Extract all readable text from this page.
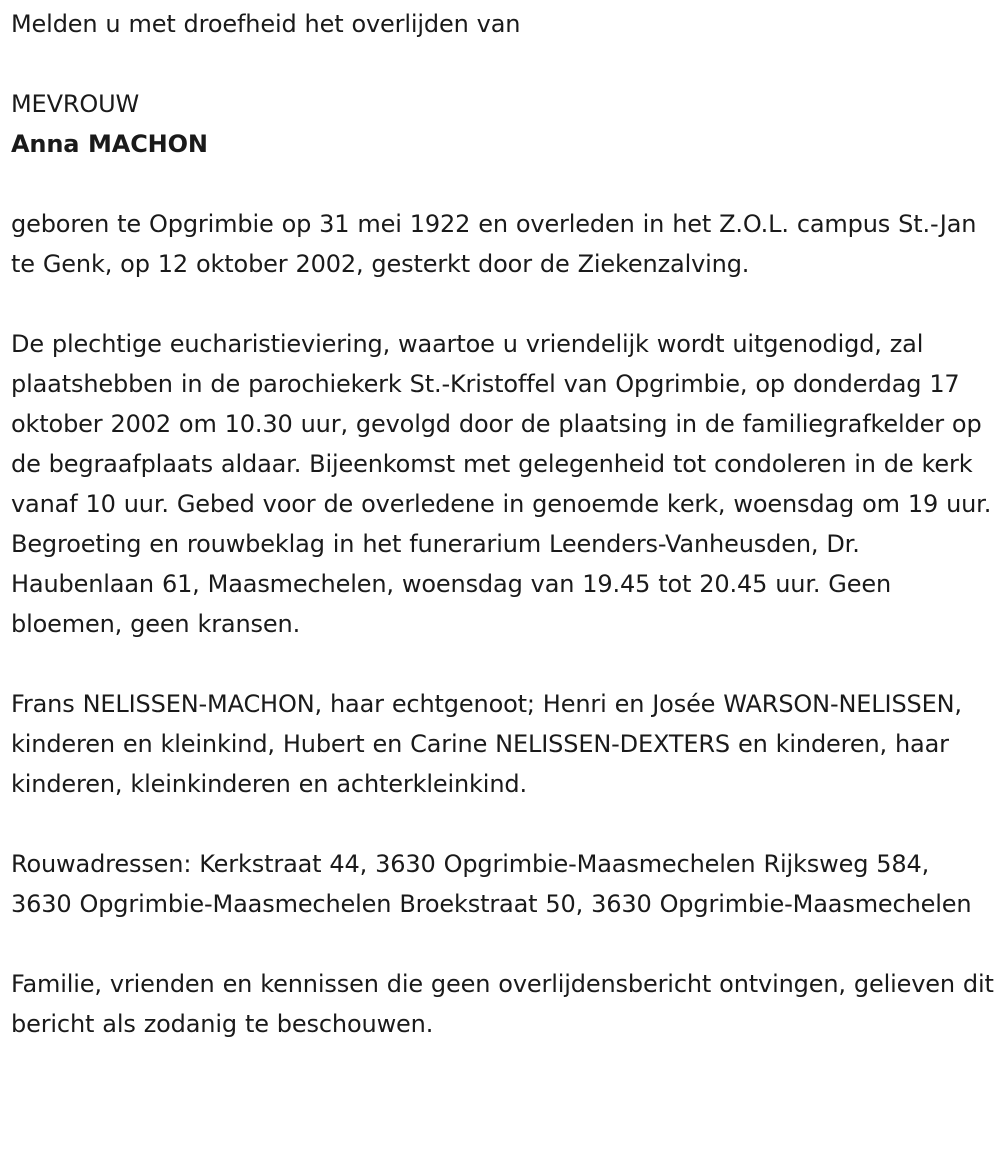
Melden u met droefheid het overlijden van

MEVROUW

Anna MACHON

geboren te Opgrimbie op 31 mei 1922 en overleden in het Z.O.L. campus St.-Jan te Genk, op 12 oktober 2002, gesterkt door de Ziekenzalving.

De plechtige eucharistieviering, waartoe u vriendelijk wordt uitgenodigd, zal plaatshebben in de parochiekerk St.-Kristoffel van Opgrimbie, op donderdag 17 oktober 2002 om 10.30 uur, gevolgd door de plaatsing in de familiegrafkelder op de begraafplaats aldaar. Bijeenkomst met gelegenheid tot condoleren in de kerk vanaf 10 uur. Gebed voor de overledene in genoemde kerk, woensdag om 19 uur. Begroeting en rouwbeklag in het funerarium Leenders-Vanheusden, Dr. Haubenlaan 61, Maasmechelen, woensdag van 19.45 tot 20.45 uur. Geen bloemen, geen kransen.

Frans NELISSEN-MACHON, haar echtgenoot; Henri en Josée WARSON-NELISSEN, kinderen en kleinkind, Hubert en Carine NELISSEN-DEXTERS en kinderen, haar kinderen, kleinkinderen en achterkleinkind.

Rouwadressen: Kerkstraat 44, 3630 Opgrimbie-Maasmechelen Rijksweg 584, 3630 Opgrimbie-Maasmechelen Broekstraat 50, 3630 Opgrimbie-Maasmechelen

Familie, vrienden en kennissen die geen overlijdensbericht ontvingen, gelieven dit bericht als zodanig te beschouwen.
